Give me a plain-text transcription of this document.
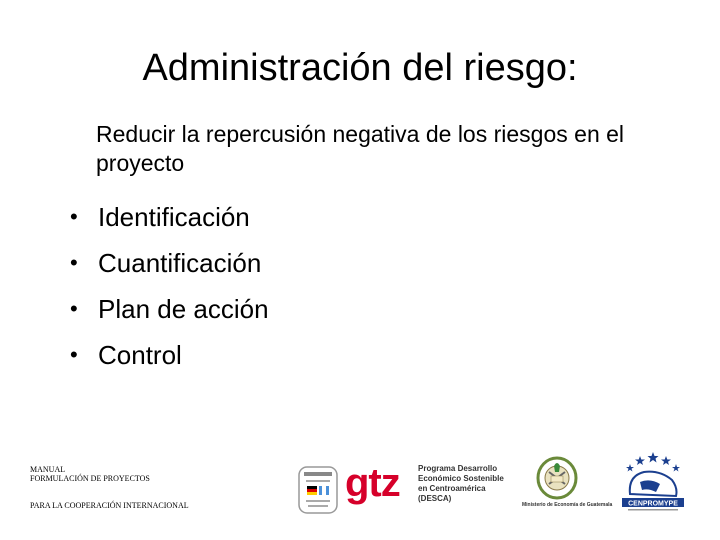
Administración del riesgo:
Reducir la repercusión negativa de los riesgos en el proyecto
• Identificación
• Cuantificación
• Plan de acción
• Control
MANUAL
FORMULACIÓN DE PROYECTOS
PARA LA COOPERACIÓN INTERNACIONAL
gtz Programa Desarrollo
Económico Sostenible
en Centroamérica
(DESCA)
Ministerio de Economía de Guatemala CENPROMYPE
